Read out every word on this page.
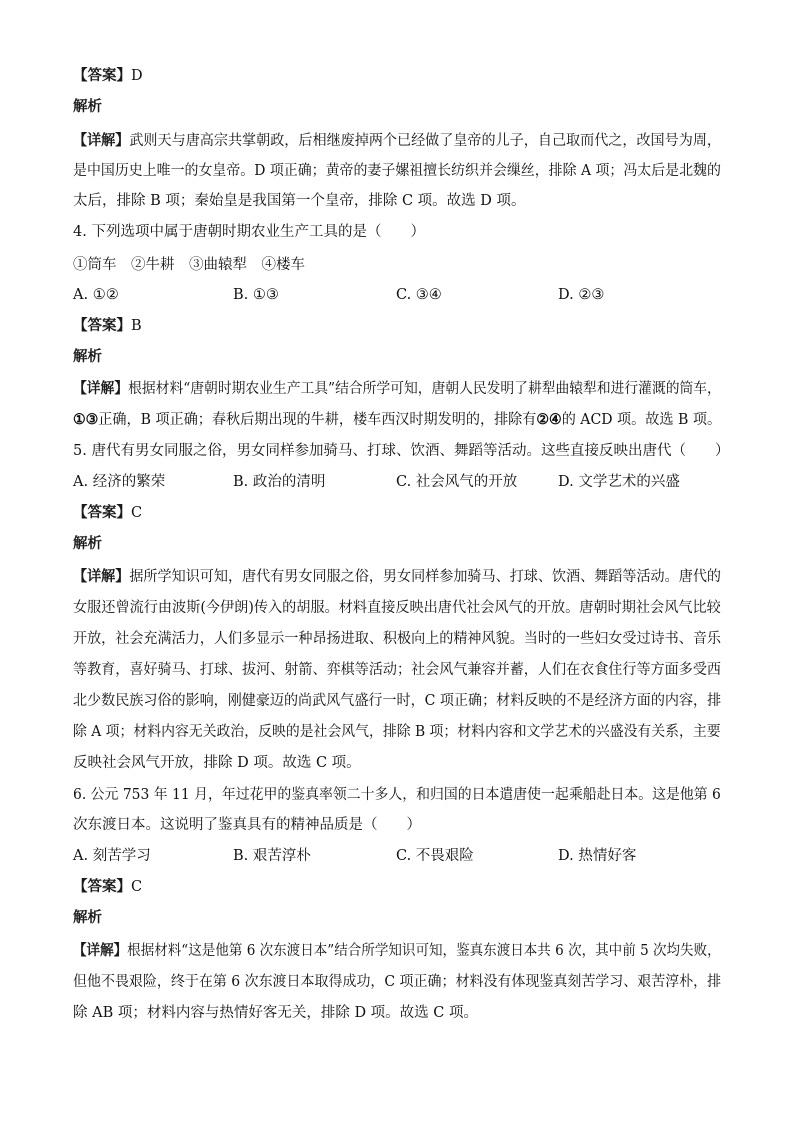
【答案】D
解析
【详解】武则天与唐高宗共掌朝政，后相继废掉两个已经做了皇帝的儿子，自己取而代之，改国号为周，
是中国历史上唯一的女皇帝。D 项正确；黄帝的妻子嫘祖擅长纺织并会缫丝，排除 A 项；冯太后是北魏的
太后，排除 B 项；秦始皇是我国第一个皇帝，排除 C 项。故选 D 项。
4. 下列选项中属于唐朝时期农业生产工具的是（　　）
①筒车　②牛耕　③曲辕犁　④楼车
A. ①②	B. ①③	C. ③④	D. ②③
【答案】B
解析
【详解】根据材料“唐朝时期农业生产工具”结合所学可知，唐朝人民发明了耕犁曲辕犁和进行灌溉的筒车，
①③正确，B 项正确；春秋后期出现的牛耕，楼车西汉时期发明的，排除有②④的 ACD 项。故选 B 项。
5. 唐代有男女同服之俗，男女同样参加骑马、打球、饮酒、舞蹈等活动。这些直接反映出唐代（　　）
A. 经济的繁荣	B. 政治的清明	C. 社会风气的开放	D. 文学艺术的兴盛
【答案】C
解析
【详解】据所学知识可知，唐代有男女同服之俗，男女同样参加骑马、打球、饮酒、舞蹈等活动。唐代的
女服还曾流行由波斯(今伊朗)传入的胡服。材料直接反映出唐代社会风气的开放。唐朝时期社会风气比较
开放，社会充满活力，人们多显示一种昂扬进取、积极向上的精神风貌。当时的一些妇女受过诗书、音乐
等教育，喜好骑马、打球、拔河、射箭、弈棋等活动；社会风气兼容并蓄，人们在衣食住行等方面多受西
北少数民族习俗的影响，刚健豪迈的尚武风气盛行一时，C 项正确；材料反映的不是经济方面的内容，排
除 A 项；材料内容无关政治，反映的是社会风气，排除 B 项；材料内容和文学艺术的兴盛没有关系，主要
反映社会风气开放，排除 D 项。故选 C 项。
6. 公元 753 年 11 月，年过花甲的鉴真率领二十多人，和归国的日本遣唐使一起乘船赴日本。这是他第 6
次东渡日本。这说明了鉴真具有的精神品质是（　　）
A. 刻苦学习	B. 艰苦淳朴	C. 不畏艰险	D. 热情好客
【答案】C
解析
【详解】根据材料“这是他第 6 次东渡日本”结合所学知识可知，鉴真东渡日本共 6 次，其中前 5 次均失败，
但他不畏艰险，终于在第 6 次东渡日本取得成功，C 项正确；材料没有体现鉴真刻苦学习、艰苦淳朴，排
除 AB 项；材料内容与热情好客无关，排除 D 项。故选 C 项。
